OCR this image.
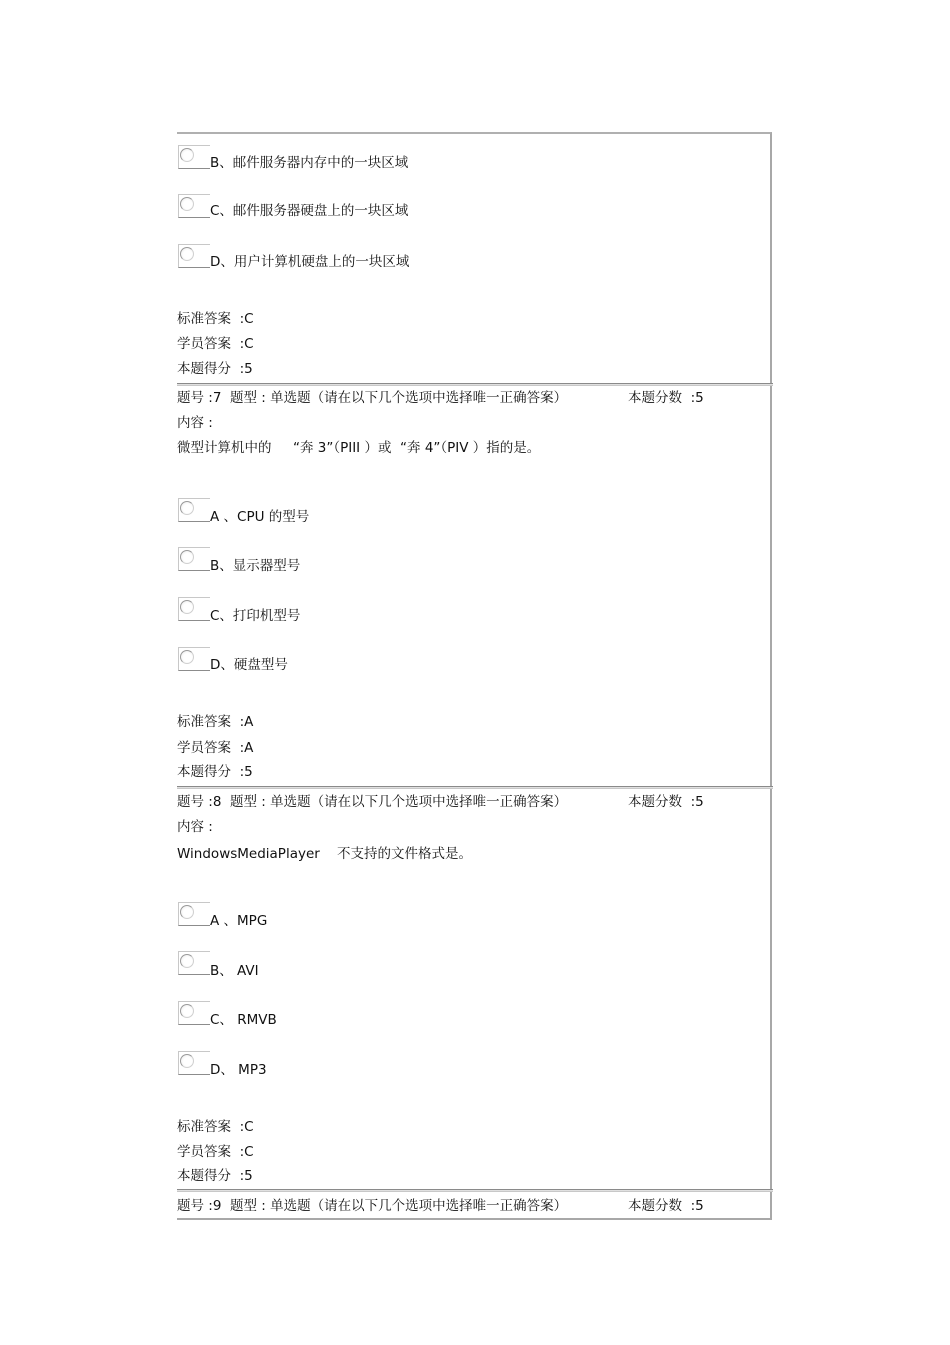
B、邮件服务器内存中的一块区域
C、邮件服务器硬盘上的一块区域
D、用户计算机硬盘上的一块区域
标准答案  :C
学员答案  :C
本题得分  :5
题号 :7  题型 : 单选题（请在以下几个选项中选择唯一正确答案）	本题分数  :5
内容 :
微型计算机中的     “奔 3”（PIII ）或  “奔 4”（PIV ）指的是。
A 、CPU 的型号
B、显示器型号
C、打印机型号
D、硬盘型号
标准答案  :A
学员答案  :A
本题得分  :5
题号 :8  题型 : 单选题（请在以下几个选项中选择唯一正确答案）	本题分数  :5
内容 :
WindowsMediaPlayer    不支持的文件格式是。
A 、MPG
B、 AVI
C、 RMVB
D、 MP3
标准答案  :C
学员答案  :C
本题得分  :5
题号 :9  题型 : 单选题（请在以下几个选项中选择唯一正确答案）	本题分数  :5
